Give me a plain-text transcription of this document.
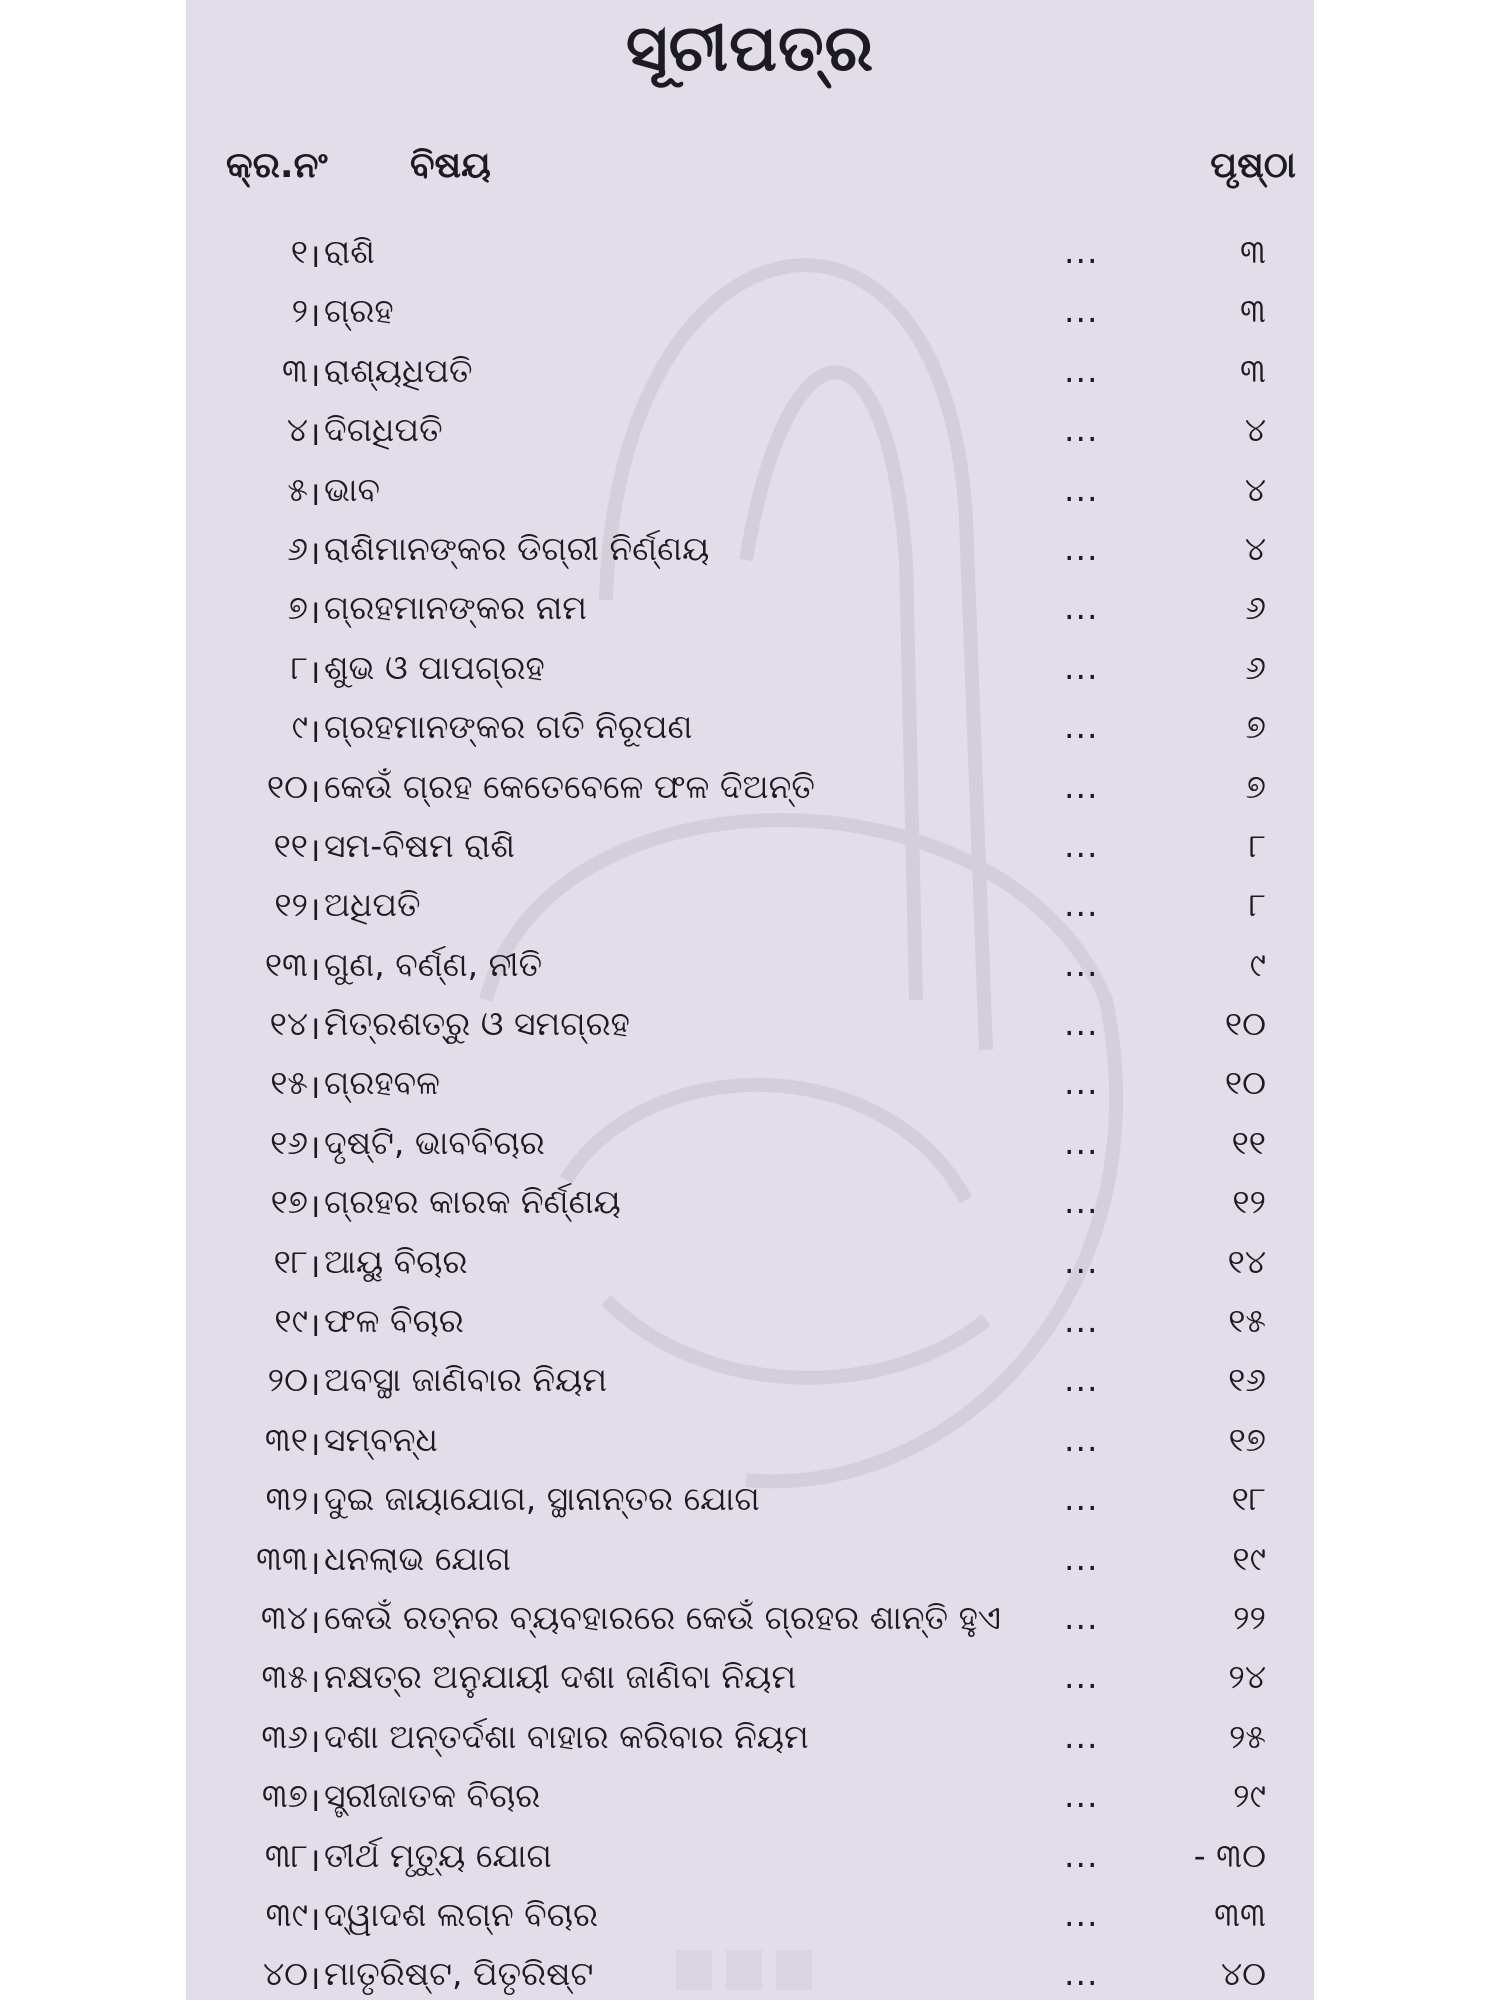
ସୂଚୀପତ୍ର
କ୍ର.ନଂ ବିଷୟ	ପୃଷ୍ଠା
୧ । ରାଶି	...	୩
୨ । ଗ୍ରହ	...	୩
୩ । ରାଶ୍ୟଧିପତି	...	୩
୪ । ଦିଗଧିପତି	...	୪
୫ । ଭାବ	...	୪
୬ । ରାଶିମାନଙ୍କର ଡିଗ୍ରୀ ନିର୍ଣ୍ଣୟ	...	୪
୭ । ଗ୍ରହମାନଙ୍କର ନାମ	...	୬
୮ । ଶୁଭ ଓ ପାପଗ୍ରହ	...	୬
୯ । ଗ୍ରହମାନଙ୍କର ଗତି ନିରୂପଣ	...	୭
୧୦ । କେଉଁ ଗ୍ରହ କେତେବେଳେ ଫଳ ଦିଅନ୍ତି	...	୭
୧୧ । ସମ-ବିଷମ ରାଶି	...	୮
୧୨ । ଅଧିପତି	...	୮
୧୩ । ଗୁଣ, ବର୍ଣ୍ଣ, ନୀତି	...	୯
୧୪ । ମିତ୍ରଶତ୍ରୁ ଓ ସମଗ୍ରହ	...	୧୦
୧୫ । ଗ୍ରହବଳ	...	୧୦
୧୬ । ଦୃଷ୍ଟି, ଭାବବିଚାର	...	୧୧
୧୭ । ଗ୍ରହର କାରକ ନିର୍ଣ୍ଣୟ	...	୧୨
୧୮ । ଆୟୁ ବିଚାର	...	୧୪
୧୯ । ଫଳ ବିଚାର	...	୧୫
୨୦ । ଅବସ୍ଥା ଜାଣିବାର ନିୟମ	...	୧୬
୩୧ । ସମ୍ବନ୍ଧ	...	୧୭
୩୨ । ଦୁଇ ଜାୟାଯୋଗ, ସ୍ଥାନାନ୍ତର ଯୋଗ	...	୧୮
୩୩ । ଧନଲାଭ ଯୋଗ	...	୧୯
୩୪ । କେଉଁ ରତ୍ନର ବ୍ୟବହାରରେ କେଉଁ ଗ୍ରହର ଶାନ୍ତି ହୁଏ ...	୨୨
୩୫ । ନକ୍ଷତ୍ର ଅନୁଯାୟୀ ଦଶା ଜାଣିବା ନିୟମ	...	୨୪
୩୬ । ଦଶା ଅନ୍ତର୍ଦଶା ବାହାର କରିବାର ନିୟମ	...	୨୫
୩୭ । ସ୍ତ୍ରୀଜାତକ ବିଚାର	...	୨୯
୩୮ । ତୀର୍ଥ ମୃତ୍ୟୁ ଯୋଗ	...	- ୩୦
୩୯ । ଦ୍ୱାଦଶ ଲଗ୍ନ ବିଚାର	...	୩୩
୪୦ । ମାତୃରିଷ୍ଟ, ପିତୃରିଷ୍ଟ	...	୪୦
